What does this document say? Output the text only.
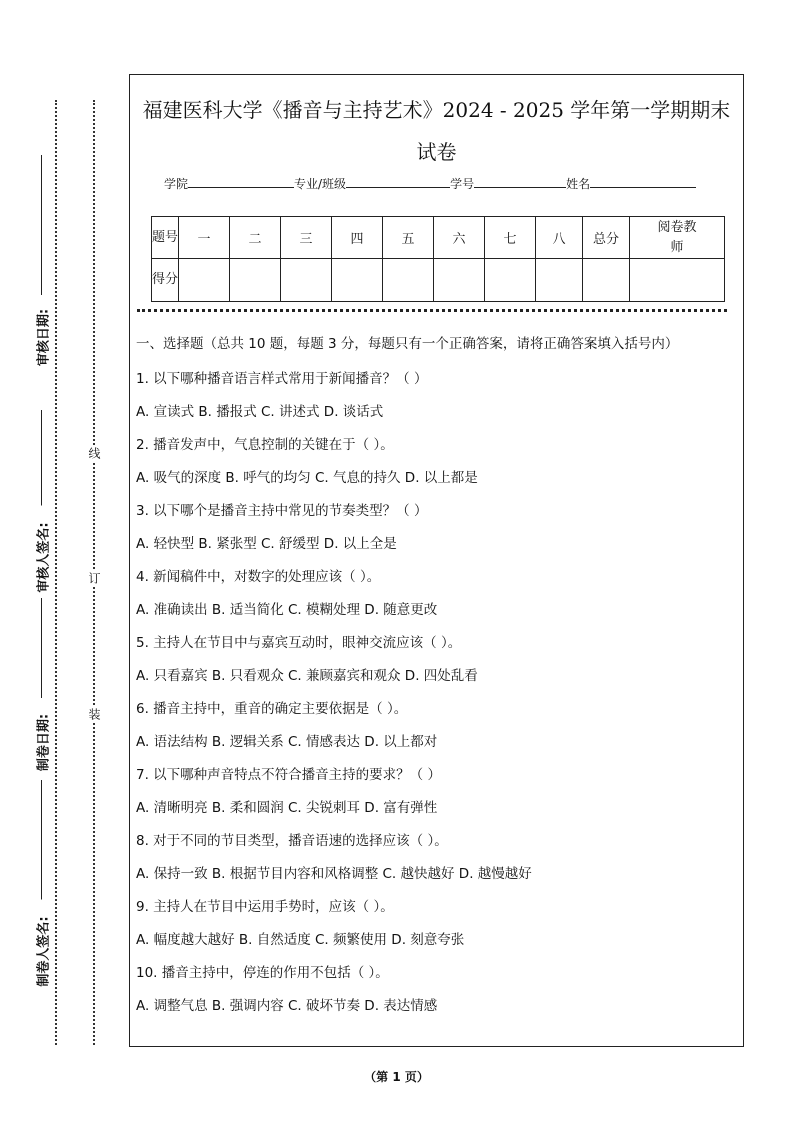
审核日期:
审核人签名:
制卷日期:
制卷人签名:
线
订
装
福建医科大学《播音与主持艺术》2024 - 2025 学年第一学期期末
试卷
学院	专业/班级	学号	姓名
题号	一	二	三	四	五	六	七	八	总分	阅卷教师

得分										

一、选择题（总共 10 题，每题 3 分，每题只有一个正确答案，请将正确答案填入括号内）
1. 以下哪种播音语言样式常用于新闻播音？（ ）
A. 宣读式 B. 播报式 C. 讲述式 D. 谈话式
2. 播音发声中，气息控制的关键在于（ ）。
A. 吸气的深度 B. 呼气的均匀 C. 气息的持久 D. 以上都是
3. 以下哪个是播音主持中常见的节奏类型？（ ）
A. 轻快型 B. 紧张型 C. 舒缓型 D. 以上全是
4. 新闻稿件中，对数字的处理应该（ ）。
A. 准确读出 B. 适当简化 C. 模糊处理 D. 随意更改
5. 主持人在节目中与嘉宾互动时，眼神交流应该（ ）。
A. 只看嘉宾 B. 只看观众 C. 兼顾嘉宾和观众 D. 四处乱看
6. 播音主持中，重音的确定主要依据是（ ）。
A. 语法结构 B. 逻辑关系 C. 情感表达 D. 以上都对
7. 以下哪种声音特点不符合播音主持的要求？（ ）
A. 清晰明亮 B. 柔和圆润 C. 尖锐刺耳 D. 富有弹性
8. 对于不同的节目类型，播音语速的选择应该（ ）。
A. 保持一致 B. 根据节目内容和风格调整 C. 越快越好 D. 越慢越好
9. 主持人在节目中运用手势时，应该（ ）。
A. 幅度越大越好 B. 自然适度 C. 频繁使用 D. 刻意夸张
10. 播音主持中，停连的作用不包括（ ）。
A. 调整气息 B. 强调内容 C. 破坏节奏 D. 表达情感
（第 1 页）
